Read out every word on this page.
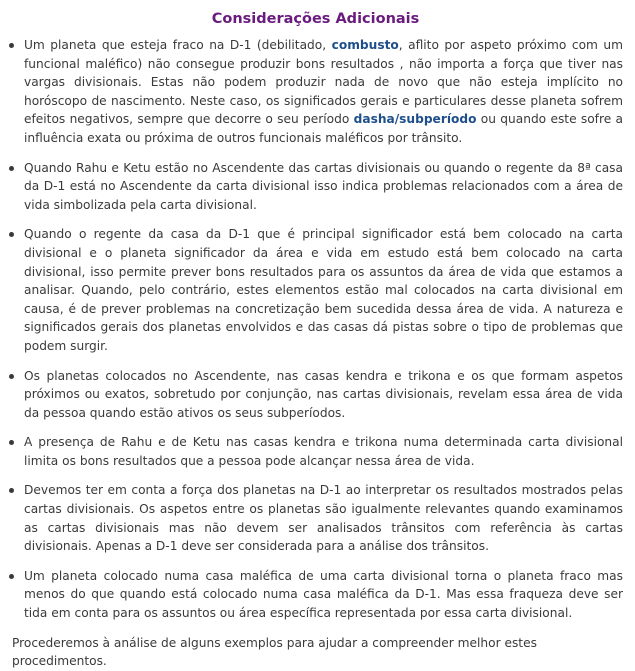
Considerações Adicionais
Um planeta que esteja fraco na D-1 (debilitado, combusto, aflito por aspeto próximo com um funcional maléfico) não consegue produzir bons resultados , não importa a força que tiver nas vargas divisionais. Estas não podem produzir nada de novo que não esteja implícito no horóscopo de nascimento. Neste caso, os significados gerais e particulares desse planeta sofrem efeitos negativos, sempre que decorre o seu período dasha/subperíodo ou quando este sofre a influência exata ou próxima de outros funcionais maléficos por trânsito.
Quando Rahu e Ketu estão no Ascendente das cartas divisionais ou quando o regente da 8ª casa da D-1 está no Ascendente da carta divisional isso indica problemas relacionados com a área de vida simbolizada pela carta divisional.
Quando o regente da casa da D-1 que é principal significador está bem colocado na carta divisional e o planeta significador da área e vida em estudo está bem colocado na carta divisional, isso permite prever bons resultados para os assuntos da área de vida que estamos a analisar. Quando, pelo contrário, estes elementos estão mal colocados na carta divisional em causa, é de prever problemas na concretização bem sucedida dessa área de vida. A natureza e significados gerais dos planetas envolvidos e das casas dá pistas sobre o tipo de problemas que podem surgir.
Os planetas colocados no Ascendente, nas casas kendra e trikona e os que formam aspetos próximos ou exatos, sobretudo por conjunção, nas cartas divisionais, revelam essa área de vida da pessoa quando estão ativos os seus subperíodos.
A presença de Rahu e de Ketu nas casas kendra e trikona numa determinada carta divisional limita os bons resultados que a pessoa pode alcançar nessa área de vida.
Devemos ter em conta a força dos planetas na D-1 ao interpretar os resultados mostrados pelas cartas divisionais. Os aspetos entre os planetas são igualmente relevantes quando examinamos as cartas divisionais mas não devem ser analisados trânsitos com referência às cartas divisionais. Apenas a D-1 deve ser considerada para a análise dos trânsitos.
Um planeta colocado numa casa maléfica de uma carta divisional torna o planeta fraco mas menos do que quando está colocado numa casa maléfica da D-1. Mas essa fraqueza deve ser tida em conta para os assuntos ou área específica representada por essa carta divisional.

Procederemos à análise de alguns exemplos para ajudar a compreender melhor estes procedimentos.
